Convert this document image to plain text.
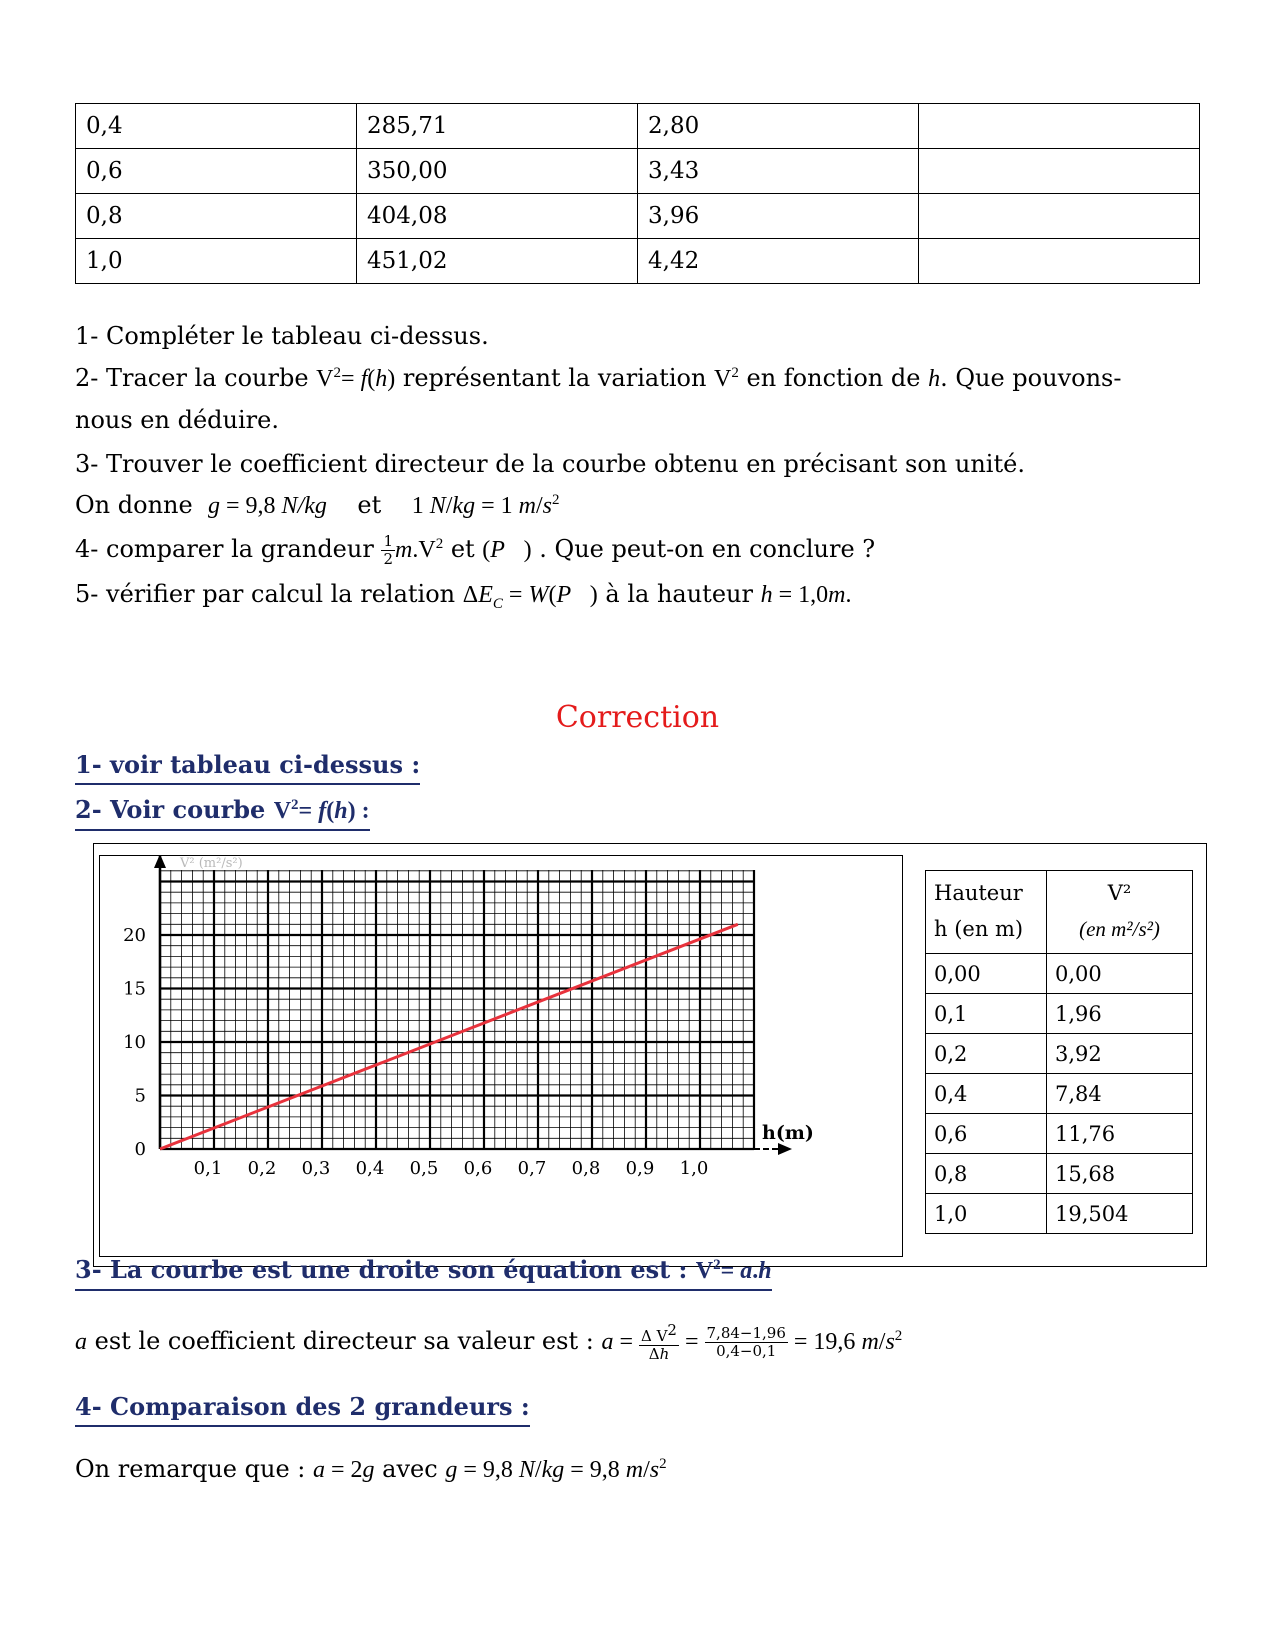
0,4	285,71	2,80	
0,6	350,00	3,43	
0,8	404,08	3,96	
1,0	451,02	4,42	
1- Compléter le tableau ci-dessus.
2- Tracer la courbe $V^2= f(h)$ représentant la variation $V^2$ en fonction de h. Que pouvons-
nous en déduire.
3- Trouver le coefficient directeur de la courbe obtenu en précisant son unité.
On donne  g = 9,8 N/kg et 1 N/kg = 1 $m/s^2$
4- comparer la grandeur $\frac{1}{2} m.V^2$ et (P⃗) . Que peut-on en conclure ?
5- vérifier par calcul la relation $\Delta E_C$ = W(P⃗) à la hauteur h = 1,0m.
Correction
1- voir tableau ci-dessus :
2- Voir courbe $V^2= f(h)$ :
0,1 0,2 0,3 0,4 0,5 0,6 0,7 0,8 0,9 1,0
0
5
10
15
20
h(m)
V² (m²/s²)
Hauteur
h (en m)	V²
(en m²/s²)
0,00	0,00
0,1	1,96
0,2	3,92
0,4	7,84
0,6	11,76
0,8	15,68
1,0	19,504
3- La courbe est une droite son équation est : $V^2= a.h$
a est le coefficient directeur sa valeur est : $a = \frac{\Delta V^2}{\Delta h} = \frac{7,84-1,96}{0,4-0,1} = 19,6$ $m/s^2$
4- Comparaison des 2 grandeurs :
On remarque que : a = 2g avec g = 9,8 N/kg = 9,8 $m/s^2$
